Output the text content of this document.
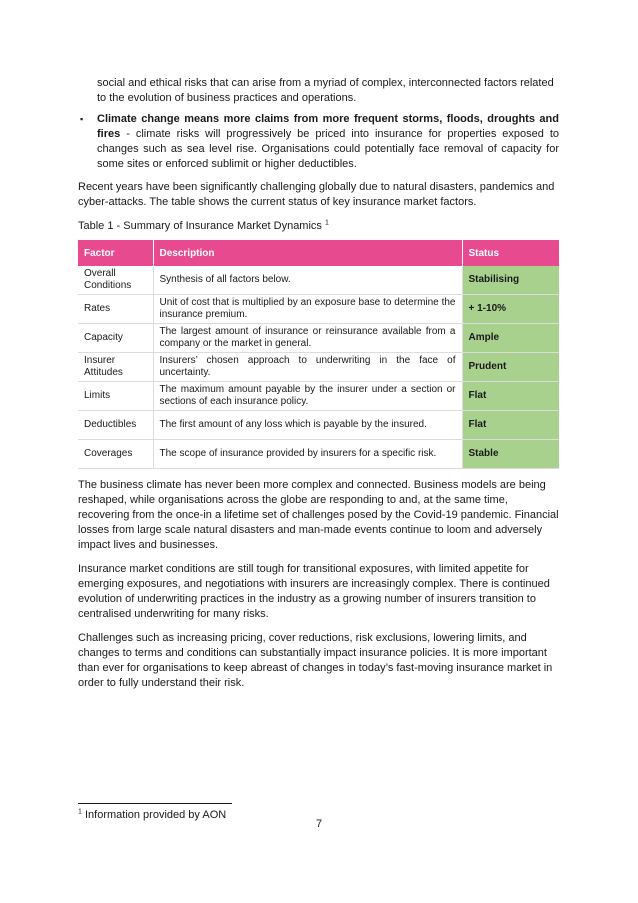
social and ethical risks that can arise from a myriad of complex, interconnected factors related to the evolution of business practices and operations.

▪ Climate change means more claims from more frequent storms, floods, droughts and fires - climate risks will progressively be priced into insurance for properties exposed to changes such as sea level rise. Organisations could potentially face removal of capacity for some sites or enforced sublimit or higher deductibles.

Recent years have been significantly challenging globally due to natural disasters, pandemics and cyber-attacks. The table shows the current status of key insurance market factors.

Table 1 - Summary of Insurance Market Dynamics $^1$
Factor	Description	Status
Overall Conditions	Synthesis of all factors below.	Stabilising
Rates	Unit of cost that is multiplied by an exposure base to determine the insurance premium.	+ 1-10%
Capacity	The largest amount of insurance or reinsurance available from a company or the market in general.	Ample
Insurer Attitudes	Insurers’ chosen approach to underwriting in the face of uncertainty.	Prudent
Limits	The maximum amount payable by the insurer under a section or sections of each insurance policy.	Flat
Deductibles	The first amount of any loss which is payable by the insured.	Flat
Coverages	The scope of insurance provided by insurers for a specific risk.	Stable

The business climate has never been more complex and connected. Business models are being reshaped, while organisations across the globe are responding to and, at the same time, recovering from the once-in a lifetime set of challenges posed by the Covid-19 pandemic. Financial losses from large scale natural disasters and man-made events continue to loom and adversely impact lives and businesses.

Insurance market conditions are still tough for transitional exposures, with limited appetite for emerging exposures, and negotiations with insurers are increasingly complex. There is continued evolution of underwriting practices in the industry as a growing number of insurers transition to centralised underwriting for many risks.

Challenges such as increasing pricing, cover reductions, risk exclusions, lowering limits, and changes to terms and conditions can substantially impact insurance policies. It is more important than ever for organisations to keep abreast of changes in today’s fast-moving insurance market in order to fully understand their risk.

$^1$ Information provided by AON
7
